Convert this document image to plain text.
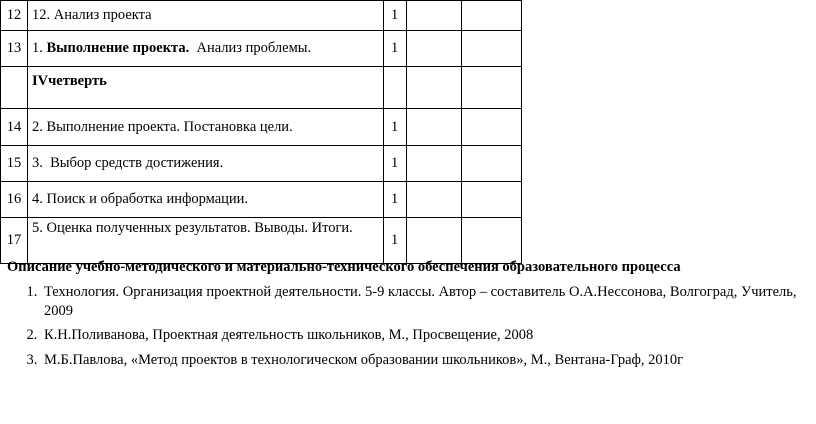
12	12. Анализ проекта	1		
13	1. Выполнение проекта.  Анализ проблемы.	1		
	IVчетверть			
14	2. Выполнение проекта. Постановка цели.	1		
15	3.  Выбор средств достижения.	1		
16	4. Поиск и обработка информации.	1		
17	5. Оценка полученных результатов. Выводы. Итоги.	1		
Описание учебно-методического и материально-технического обеспечения образовательного процесса
1. Технология. Организация проектной деятельности. 5-9 классы. Автор – составитель О.А.Нессонова, Волгоград, Учитель, 2009
2. К.Н.Поливанова, Проектная деятельность школьников, М., Просвещение, 2008
3. М.Б.Павлова, «Метод проектов в технологическом образовании школьников», М., Вентана-Граф, 2010г
